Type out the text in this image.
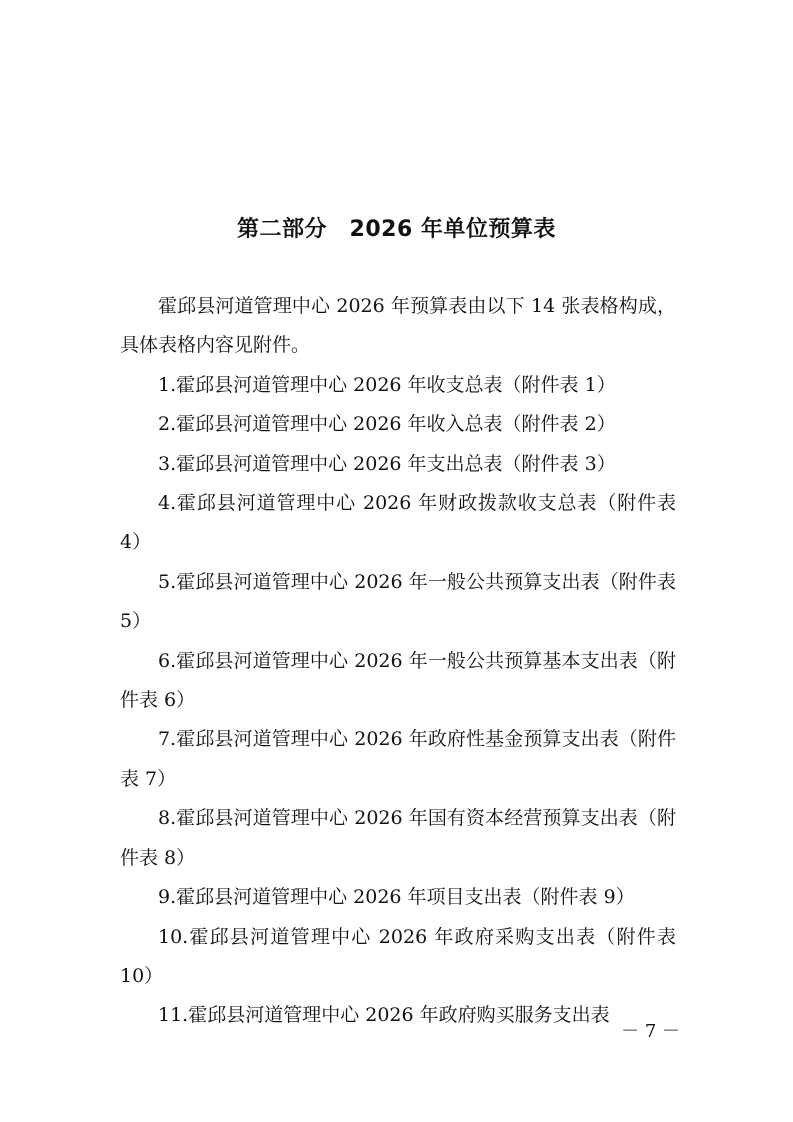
第二部分　2026 年单位预算表

霍邱县河道管理中心 2026 年预算表由以下 14 张表格构成，具体表格内容见附件。

1.霍邱县河道管理中心 2026 年收支总表（附件表 1）

2.霍邱县河道管理中心 2026 年收入总表（附件表 2）

3.霍邱县河道管理中心 2026 年支出总表（附件表 3）

4.霍邱县河道管理中心 2026 年财政拨款收支总表（附件表 4）

5.霍邱县河道管理中心 2026 年一般公共预算支出表（附件表 5）

6.霍邱县河道管理中心 2026 年一般公共预算基本支出表（附件表 6）

7.霍邱县河道管理中心 2026 年政府性基金预算支出表（附件表 7）

8.霍邱县河道管理中心 2026 年国有资本经营预算支出表（附件表 8）

9.霍邱县河道管理中心 2026 年项目支出表（附件表 9）

10.霍邱县河道管理中心 2026 年政府采购支出表（附件表 10）

11.霍邱县河道管理中心 2026 年政府购买服务支出表

－ 7 －
